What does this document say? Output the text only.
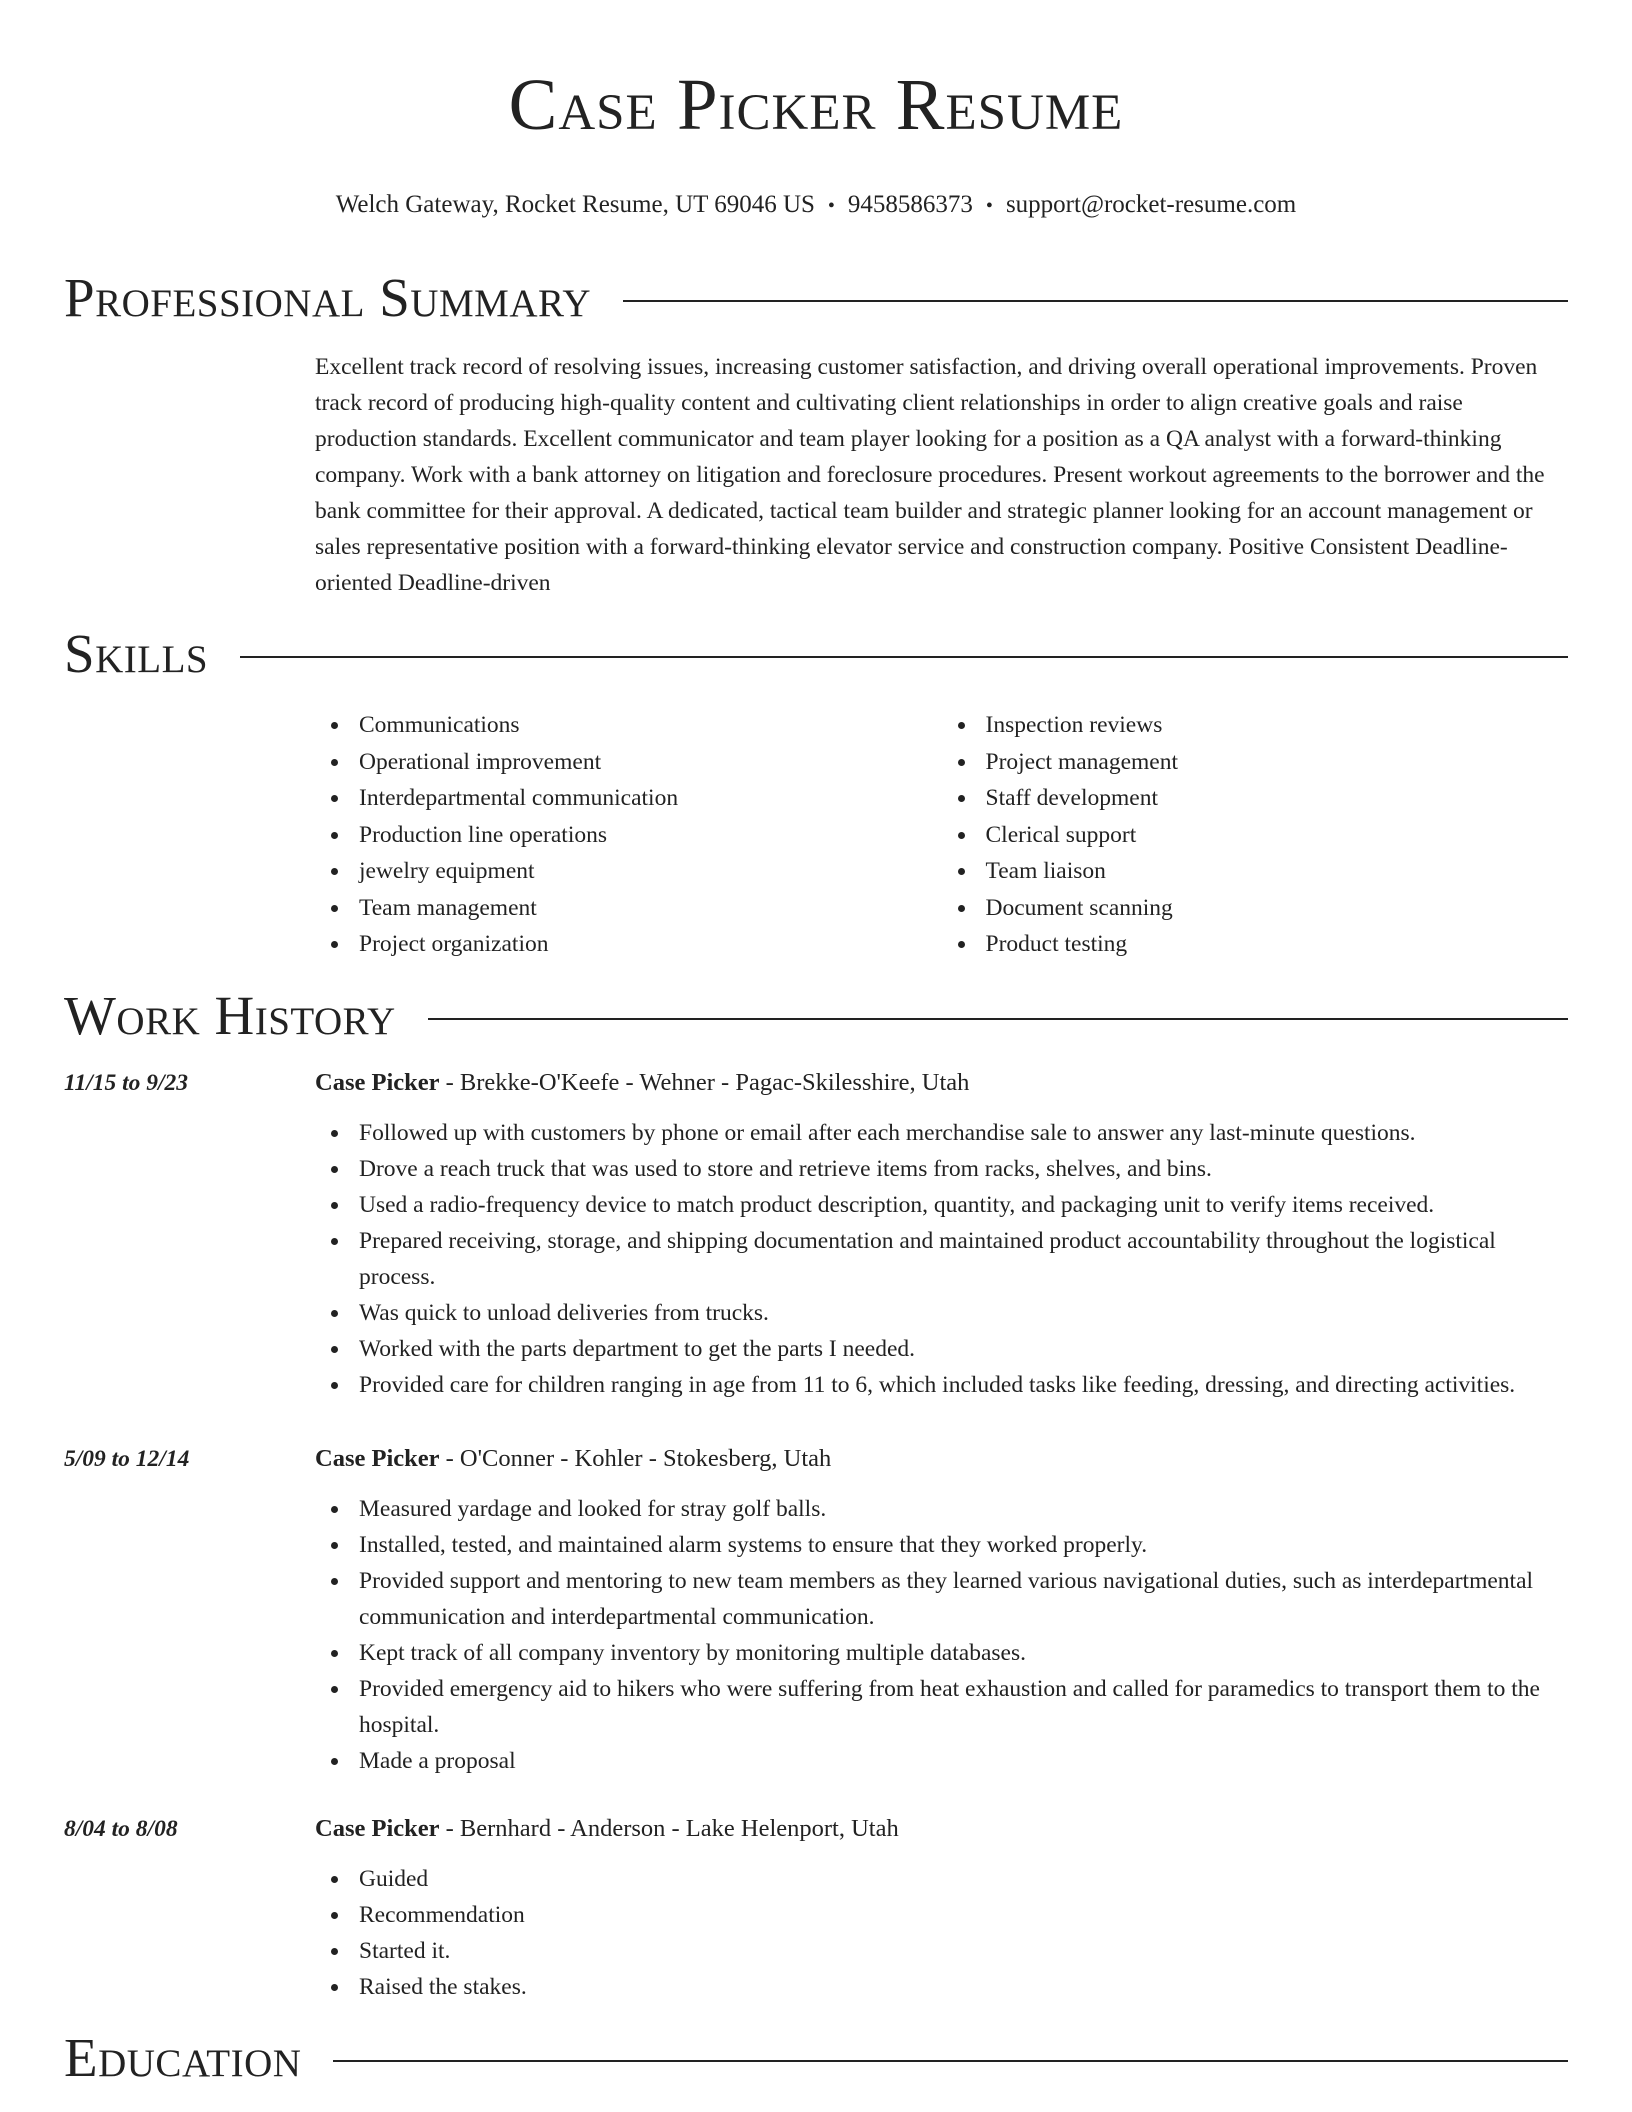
Case Picker Resume
Welch Gateway, Rocket Resume, UT 69046 US • 9458586373 • support@rocket-resume.com
Professional Summary
Excellent track record of resolving issues, increasing customer satisfaction, and driving overall operational improvements. Proven track record of producing high-quality content and cultivating client relationships in order to align creative goals and raise production standards. Excellent communicator and team player looking for a position as a QA analyst with a forward-thinking company. Work with a bank attorney on litigation and foreclosure procedures. Present workout agreements to the borrower and the bank committee for their approval. A dedicated, tactical team builder and strategic planner looking for an account management or sales representative position with a forward-thinking elevator service and construction company. Positive Consistent Deadline-oriented Deadline-driven
Skills
Communications
Operational improvement
Interdepartmental communication
Production line operations
jewelry equipment
Team management
Project organization
Inspection reviews
Project management
Staff development
Clerical support
Team liaison
Document scanning
Product testing
Work History
11/15 to 9/23	Case Picker - Brekke-O'Keefe - Wehner - Pagac-Skilesshire, Utah
Followed up with customers by phone or email after each merchandise sale to answer any last-minute questions.
Drove a reach truck that was used to store and retrieve items from racks, shelves, and bins.
Used a radio-frequency device to match product description, quantity, and packaging unit to verify items received.
Prepared receiving, storage, and shipping documentation and maintained product accountability throughout the logistical process.
Was quick to unload deliveries from trucks.
Worked with the parts department to get the parts I needed.
Provided care for children ranging in age from 11 to 6, which included tasks like feeding, dressing, and directing activities.
5/09 to 12/14	Case Picker - O'Conner - Kohler - Stokesberg, Utah
Measured yardage and looked for stray golf balls.
Installed, tested, and maintained alarm systems to ensure that they worked properly.
Provided support and mentoring to new team members as they learned various navigational duties, such as interdepartmental communication and interdepartmental communication.
Kept track of all company inventory by monitoring multiple databases.
Provided emergency aid to hikers who were suffering from heat exhaustion and called for paramedics to transport them to the hospital.
Made a proposal
8/04 to 8/08	Case Picker - Bernhard - Anderson - Lake Helenport, Utah
Guided
Recommendation
Started it.
Raised the stakes.
Education
